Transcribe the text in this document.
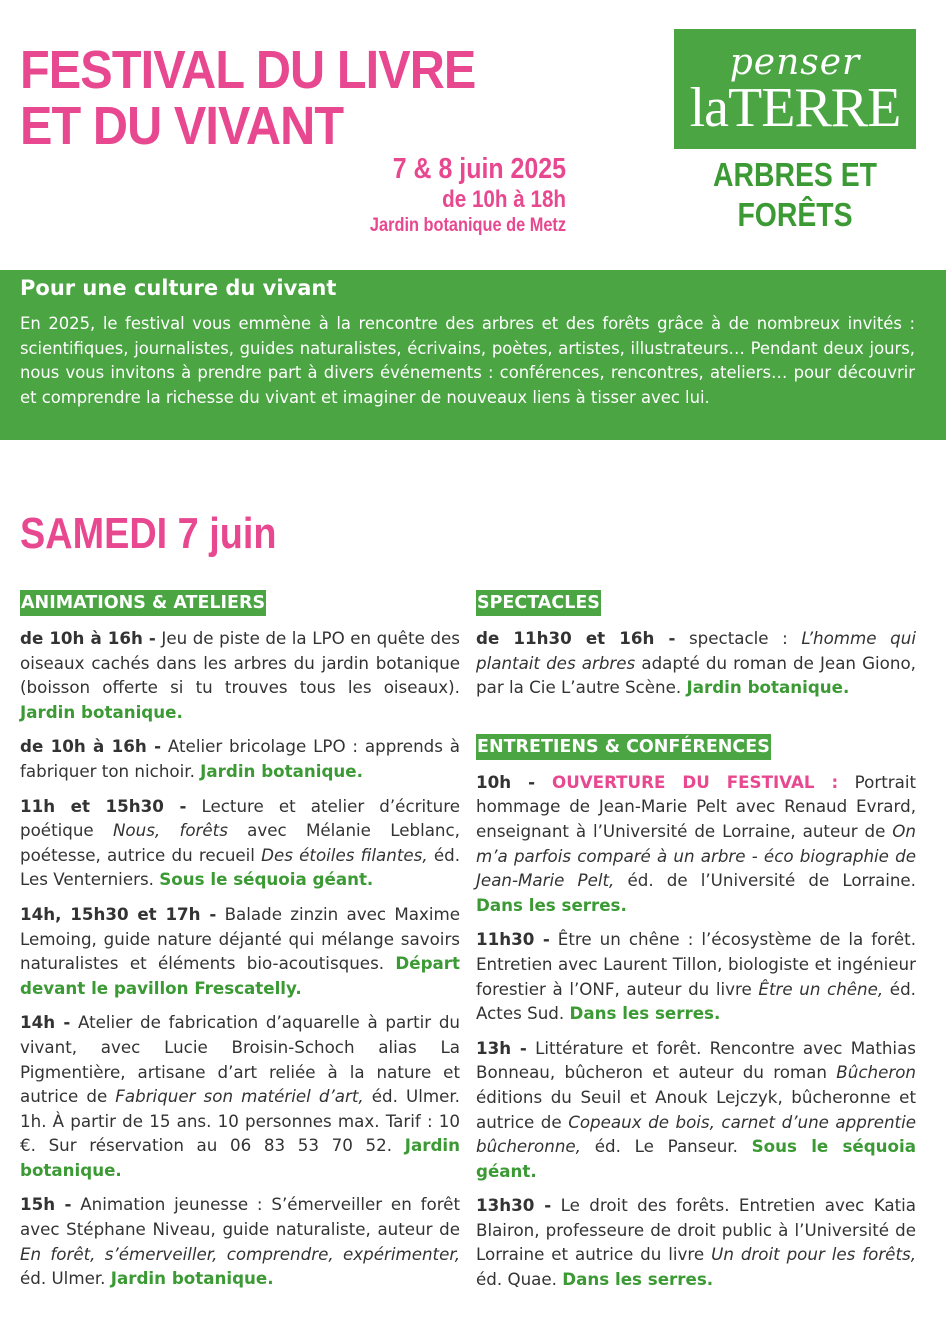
FESTIVAL DU LIVRE
ET DU VIVANT
7 & 8 juin 2025
de 10h à 18h
Jardin botanique de Metz
penser
laTERRE
ARBRES ET FORÊTS
Pour une culture du vivant

En 2025, le festival vous emmène à la rencontre des arbres et des forêts grâce à de nombreux invités : scientifiques, journalistes, guides naturalistes, écrivains, poètes, artistes, illustrateurs… Pendant deux jours, nous vous invitons à prendre part à divers événements : conférences, rencontres, ateliers… pour découvrir et comprendre la richesse du vivant et imaginer de nouveaux liens à tisser avec lui.

SAMEDI 7 juin
ANIMATIONS & ATELIERS

de 10h à 16h - Jeu de piste de la LPO en quête des oiseaux cachés dans les arbres du jardin botanique (boisson offerte si tu trouves tous les oiseaux). Jardin botanique.

de 10h à 16h - Atelier bricolage LPO : apprends à fabriquer ton nichoir. Jardin botanique.

11h et 15h30 - Lecture et atelier d’écriture poétique Nous, forêts avec Mélanie Leblanc, poétesse, autrice du recueil Des étoiles filantes, éd. Les Venterniers. Sous le séquoia géant.

14h, 15h30 et 17h - Balade zinzin avec Maxime Lemoing, guide nature déjanté qui mélange savoirs naturalistes et éléments bio-acoutisques. Départ devant le pavillon Frescatelly.

14h - Atelier de fabrication d’aquarelle à partir du vivant, avec Lucie Broisin-Schoch alias La Pigmentière, artisane d’art reliée à la nature et autrice de Fabriquer son matériel d’art, éd. Ulmer. 1h. À partir de 15 ans. 10 personnes max. Tarif : 10 €. Sur réservation au 06 83 53 70 52. Jardin botanique.

15h - Animation jeunesse : S’émerveiller en forêt avec Stéphane Niveau, guide naturaliste, auteur de En forêt, s’émerveiller, comprendre, expérimenter, éd. Ulmer. Jardin botanique.

SPECTACLES

de 11h30 et 16h - spectacle : L’homme qui plantait des arbres adapté du roman de Jean Giono, par la Cie L’autre Scène. Jardin botanique.

ENTRETIENS & CONFÉRENCES

10h - OUVERTURE DU FESTIVAL : Portrait hommage de Jean-Marie Pelt avec Renaud Evrard, enseignant à l’Université de Lorraine, auteur de On m’a parfois comparé à un arbre - éco biographie de Jean-Marie Pelt, éd. de l’Université de Lorraine. Dans les serres.

11h30 - Être un chêne : l’écosystème de la forêt. Entretien avec Laurent Tillon, biologiste et ingénieur forestier à l’ONF, auteur du livre Être un chêne, éd. Actes Sud. Dans les serres.

13h - Littérature et forêt. Rencontre avec Mathias Bonneau, bûcheron et auteur du roman Bûcheron éditions du Seuil et Anouk Lejczyk, bûcheronne et autrice de Copeaux de bois, carnet d’une apprentie bûcheronne, éd. Le Panseur. Sous le séquoia géant.

13h30 - Le droit des forêts. Entretien avec Katia Blairon, professeure de droit public à l’Université de Lorraine et autrice du livre Un droit pour les forêts, éd. Quae. Dans les serres.
